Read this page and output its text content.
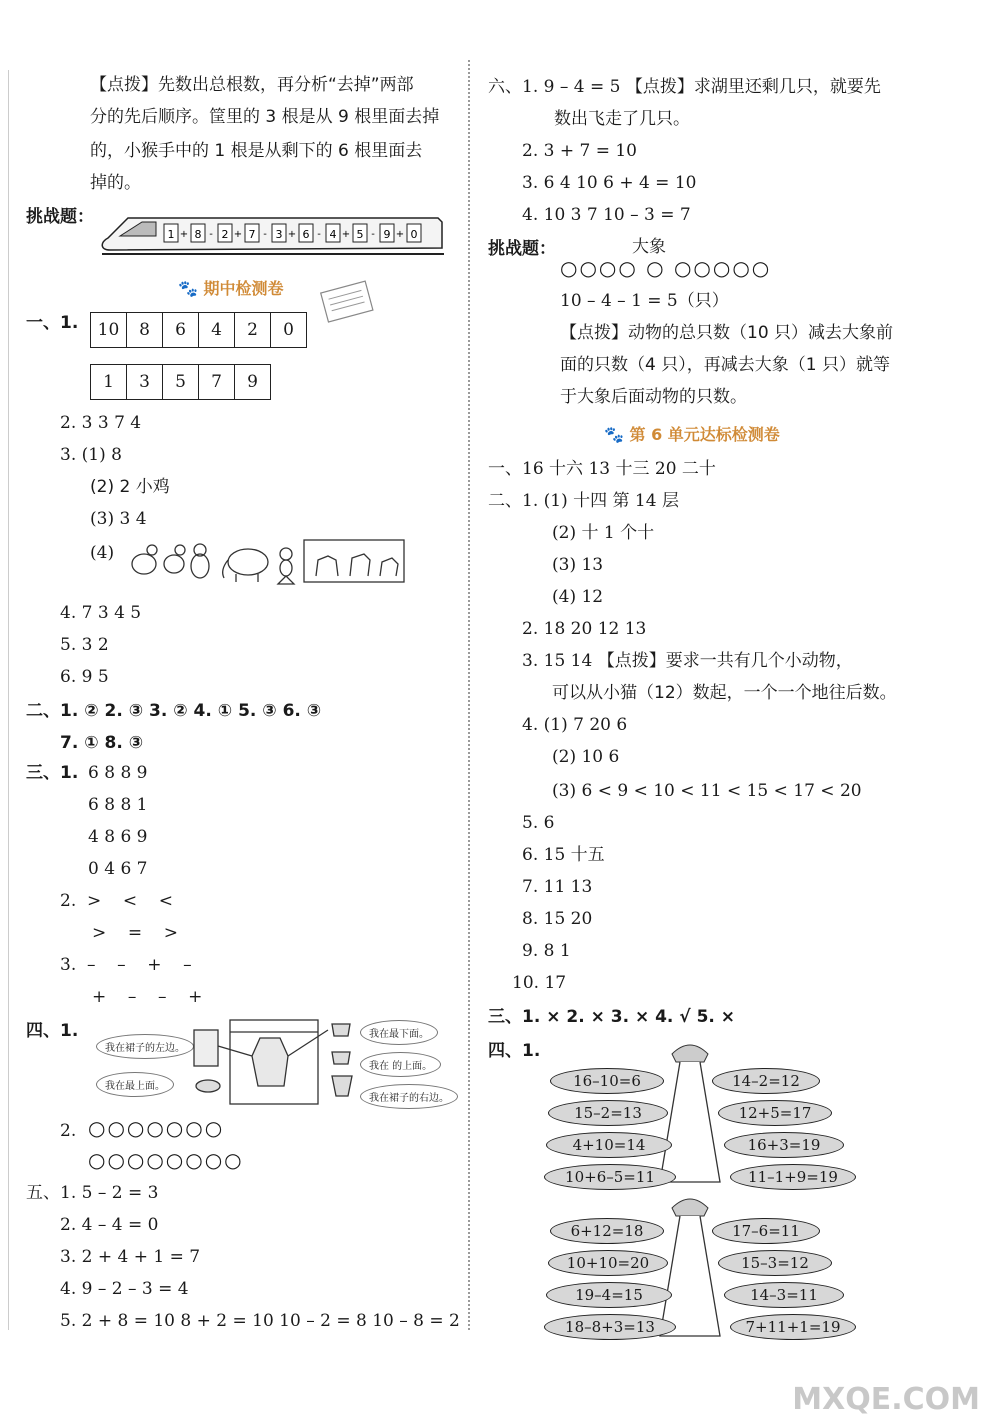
【点拨】先数出总根数，再分析“去掉”两部
分的先后顺序。筐里的 3 根是从 9 根里面去掉
的，小猴手中的 1 根是从剩下的 6 根里面去
掉的。
挑战题：
1 + 8 - 2 + 7 - 3 + 6 - 4 + 5 - 9 + 0
🐾 期中检测卷
一、1.	10	8	6	4	2	0
1	3	5	7	9
2. 3 3 7 4
3. (1) 8
(2) 2 小鸡
(3) 3 4
(4)
4. 7 3 4 5
5. 3 2
6. 9 5
二、1. ② 2. ③ 3. ② 4. ① 5. ③ 6. ③
7. ① 8. ③
三、1. 6 8 8 9
6 8 8 1
4 8 6 9
0 4 6 7
2.  >    <    <
>    =    >
3.  –    –    +    –
+    –    –    +
四、1.
我在裙子的左边。
我在最上面。
我在最下面。
我在 的上面。
我在裙子的右边。
2. ○○○○○○○
○○○○○○○○
五、1. 5 – 2 = 3
2. 4 – 4 = 0
3. 2 + 4 + 1 = 7
4. 9 – 2 – 3 = 4
5. 2 + 8 = 10 8 + 2 = 10 10 – 2 = 8 10 – 8 = 2
六、1. 9 – 4 = 5 【点拨】求湖里还剩几只，就要先
数出飞走了几只。
2. 3 + 7 = 10
3. 6 4 10 6 + 4 = 10
4. 10 3 7 10 – 3 = 7
挑战题：	大象
○○○○ ○ ○○○○○
10 – 4 – 1 = 5（只）
【点拨】动物的总只数（10 只）减去大象前
面的只数（4 只），再减去大象（1 只）就等
于大象后面动物的只数。
🐾 第 6 单元达标检测卷
一、16 十六 13 十三 20 二十
二、1. (1) 十四 第 14 层
(2) 十 1 个十
(3) 13
(4) 12
2. 18 20 12 13
3. 15 14 【点拨】要求一共有几个小动物，
可以从小猫（12）数起，一个一个地往后数。
4. (1) 7 20 6
(2) 10 6
(3) 6 < 9 < 10 < 11 < 15 < 17 < 20
5. 6
6. 15 十五
7. 11 13
8. 15 20
9. 8 1
10. 17
三、1. × 2. × 3. × 4. √ 5. ×
四、1.
16–10=6
15–2=13
4+10=14
10+6–5=11
14–2=12
12+5=17
16+3=19
11–1+9=19
6+12=18
10+10=20
19–4=15
18–8+3=13
17–6=11
15–3=12
14–3=11
7+11+1=19
MXQE.COM
